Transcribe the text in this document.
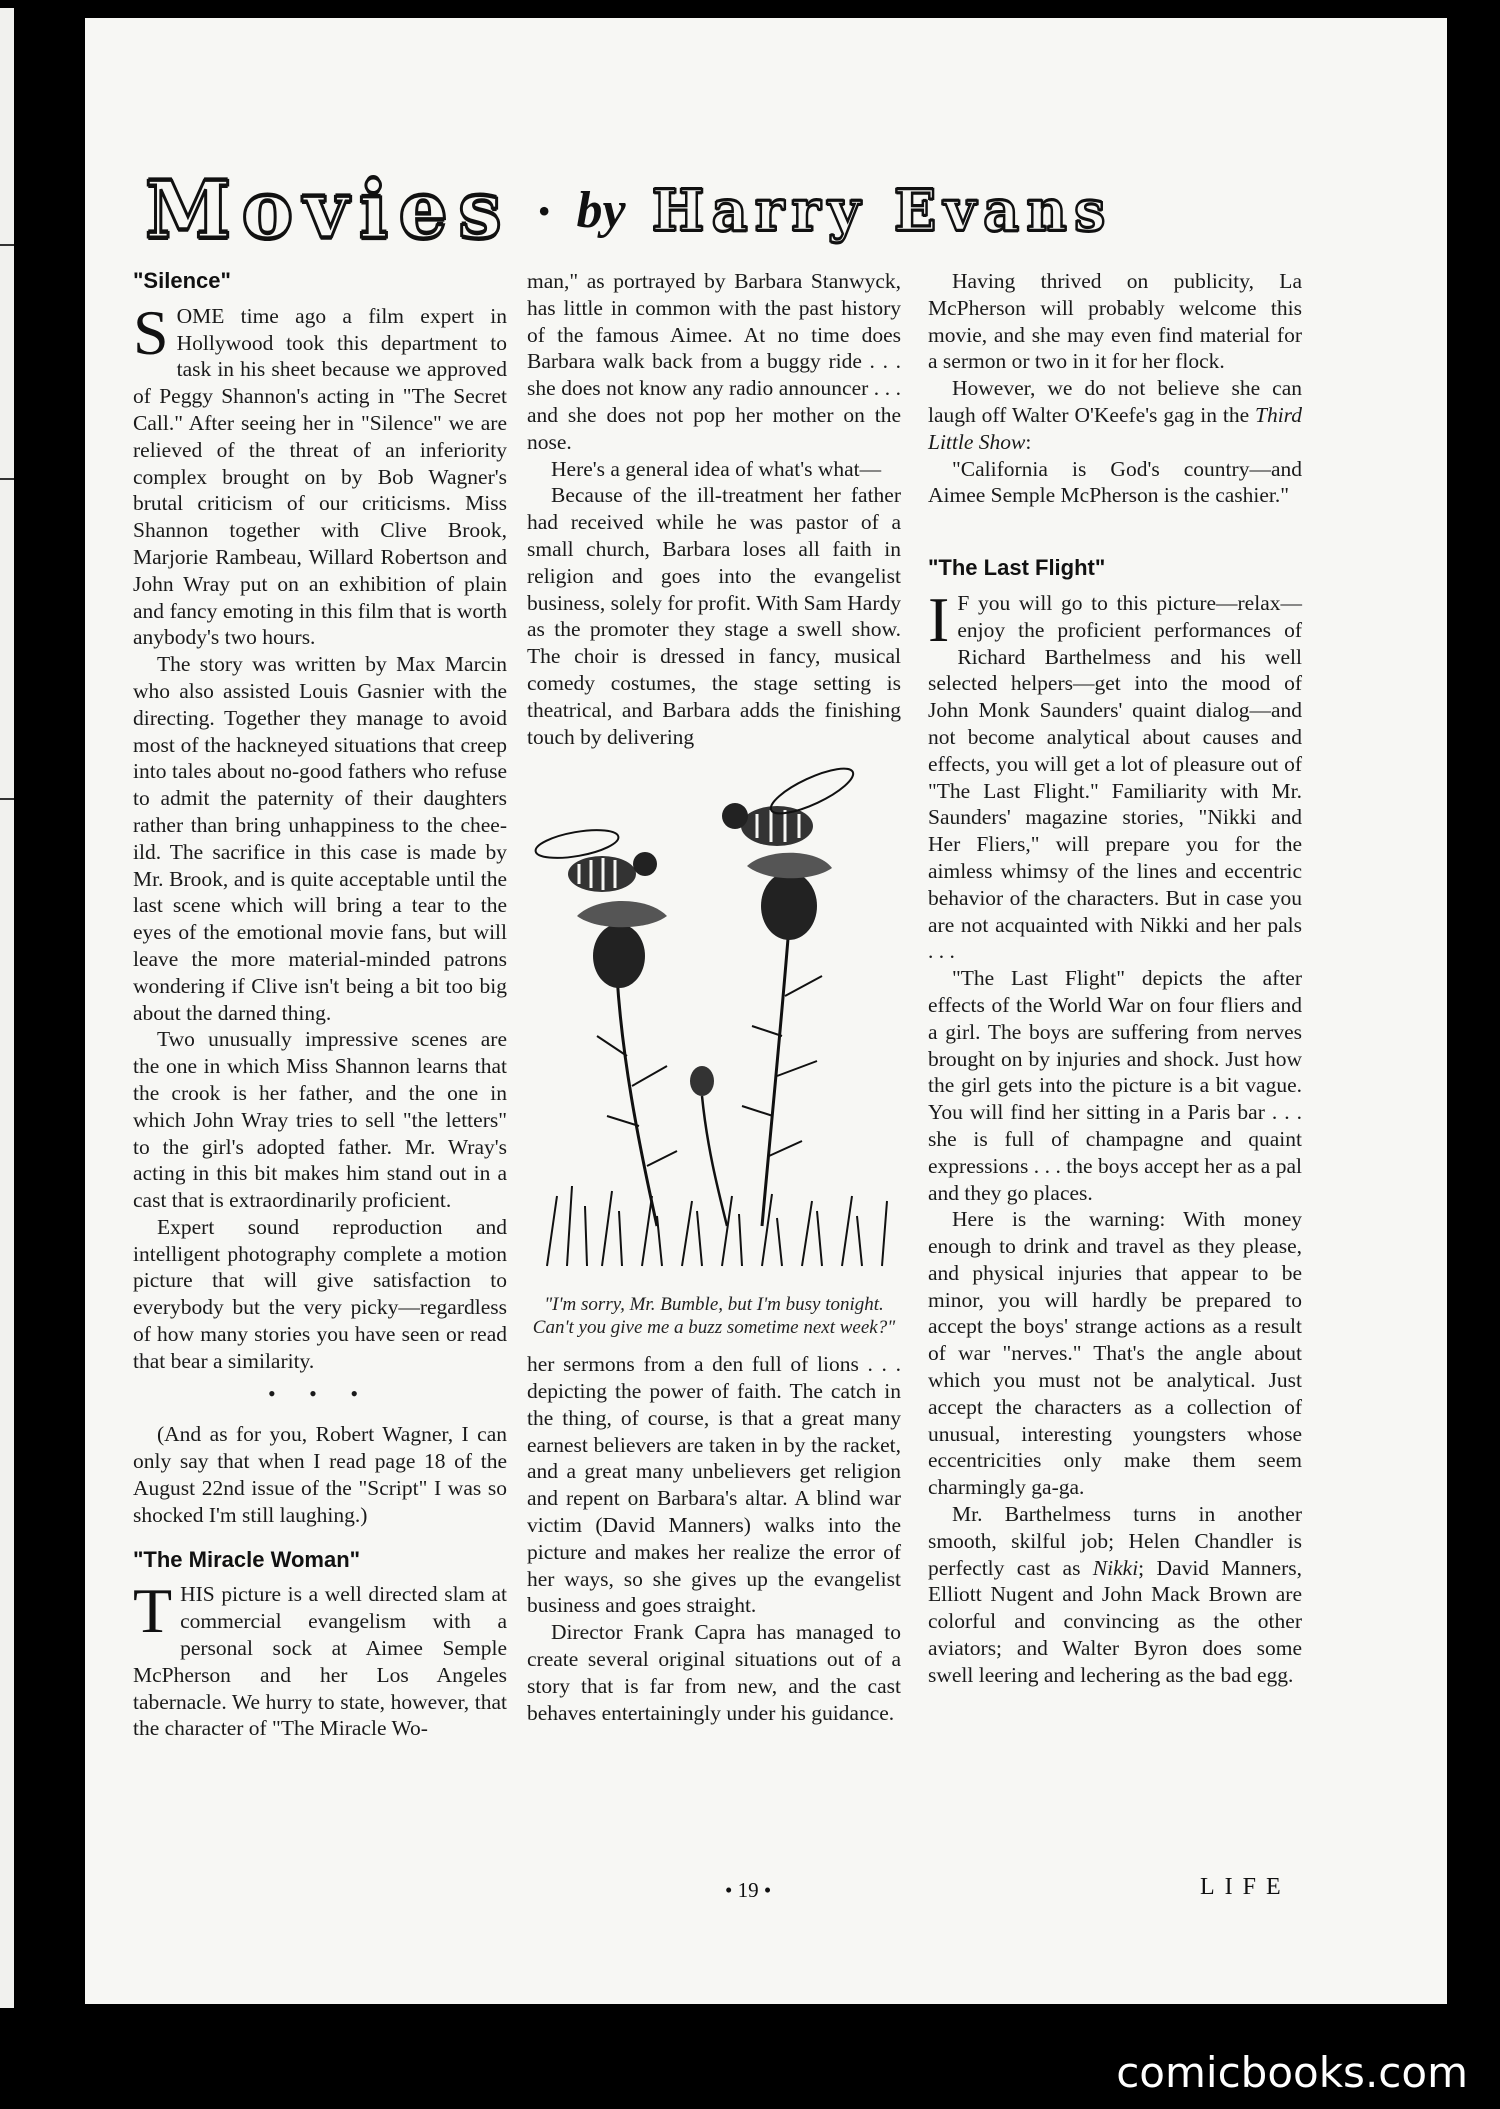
Movies • by Harry Evans
"Silence"

SOME time ago a film expert in Hollywood took this department to task in his sheet because we approved of Peggy Shannon's acting in "The Secret Call." After seeing her in "Silence" we are relieved of the threat of an inferiority complex brought on by Bob Wagner's brutal criticism of our criticisms. Miss Shannon together with Clive Brook, Marjorie Rambeau, Willard Robertson and John Wray put on an exhibition of plain and fancy emoting in this film that is worth anybody's two hours.

The story was written by Max Marcin who also assisted Louis Gasnier with the directing. Together they manage to avoid most of the hackneyed situations that creep into tales about no-good fathers who refuse to admit the paternity of their daughters rather than bring unhappiness to the chee-ild. The sacrifice in this case is made by Mr. Brook, and is quite acceptable until the last scene which will bring a tear to the eyes of the emotional movie fans, but will leave the more material-minded patrons wondering if Clive isn't being a bit too big about the darned thing.

Two unusually impressive scenes are the one in which Miss Shannon learns that the crook is her father, and the one in which John Wray tries to sell "the letters" to the girl's adopted father. Mr. Wray's acting in this bit makes him stand out in a cast that is extraordinarily proficient.

Expert sound reproduction and intelligent photography complete a motion picture that will give satisfaction to everybody but the very picky—regardless of how many stories you have seen or read that bear a similarity.

• • •

(And as for you, Robert Wagner, I can only say that when I read page 18 of the August 22nd issue of the "Script" I was so shocked I'm still laughing.)

"The Miracle Woman"

THIS picture is a well directed slam at commercial evangelism with a personal sock at Aimee Semple McPherson and her Los Angeles tabernacle. We hurry to state, however, that the character of "The Miracle Wo-

man," as portrayed by Barbara Stanwyck, has little in common with the past history of the famous Aimee. At no time does Barbara walk back from a buggy ride . . . she does not know any radio announcer . . . and she does not pop her mother on the nose.

Here's a general idea of what's what—

Because of the ill-treatment her father had received while he was pastor of a small church, Barbara loses all faith in religion and goes into the evangelist business, solely for profit. With Sam Hardy as the promoter they stage a swell show. The choir is dressed in fancy, musical comedy costumes, the stage setting is theatrical, and Barbara adds the finishing touch by delivering

"I'm sorry, Mr. Bumble, but I'm busy tonight. Can't you give me a buzz sometime next week?"

her sermons from a den full of lions . . . depicting the power of faith. The catch in the thing, of course, is that a great many earnest believers are taken in by the racket, and a great many unbelievers get religion and repent on Barbara's altar. A blind war victim (David Manners) walks into the picture and makes her realize the error of her ways, so she gives up the evangelist business and goes straight.

Director Frank Capra has managed to create several original situations out of a story that is far from new, and the cast behaves entertainingly under his guidance.

Having thrived on publicity, La McPherson will probably welcome this movie, and she may even find material for a sermon or two in it for her flock.

However, we do not believe she can laugh off Walter O'Keefe's gag in the Third Little Show:

"California is God's country—and Aimee Semple McPherson is the cashier."

"The Last Flight"

I F you will go to this picture—relax—enjoy the proficient performances of Richard Barthelmess and his well selected helpers—get into the mood of John Monk Saunders' quaint dialog—and not become analytical about causes and effects, you will get a lot of pleasure out of "The Last Flight." Familiarity with Mr. Saunders' magazine stories, "Nikki and Her Fliers," will prepare you for the aimless whimsy of the lines and eccentric behavior of the characters. But in case you are not acquainted with Nikki and her pals . . .

"The Last Flight" depicts the after effects of the World War on four fliers and a girl. The boys are suffering from nerves brought on by injuries and shock. Just how the girl gets into the picture is a bit vague. You will find her sitting in a Paris bar . . . she is full of champagne and quaint expressions . . . the boys accept her as a pal and they go places.

Here is the warning: With money enough to drink and travel as they please, and physical injuries that appear to be minor, you will hardly be prepared to accept the boys' strange actions as a result of war "nerves." That's the angle about which you must not be analytical. Just accept the characters as a collection of unusual, interesting youngsters whose eccentricities only make them seem charmingly ga-ga.

Mr. Barthelmess turns in another smooth, skilful job; Helen Chandler is perfectly cast as Nikki; David Manners, Elliott Nugent and John Mack Brown are colorful and convincing as the other aviators; and Walter Byron does some swell leering and lechering as the bad egg.

• 19 •	LIFE
comicbooks.com
